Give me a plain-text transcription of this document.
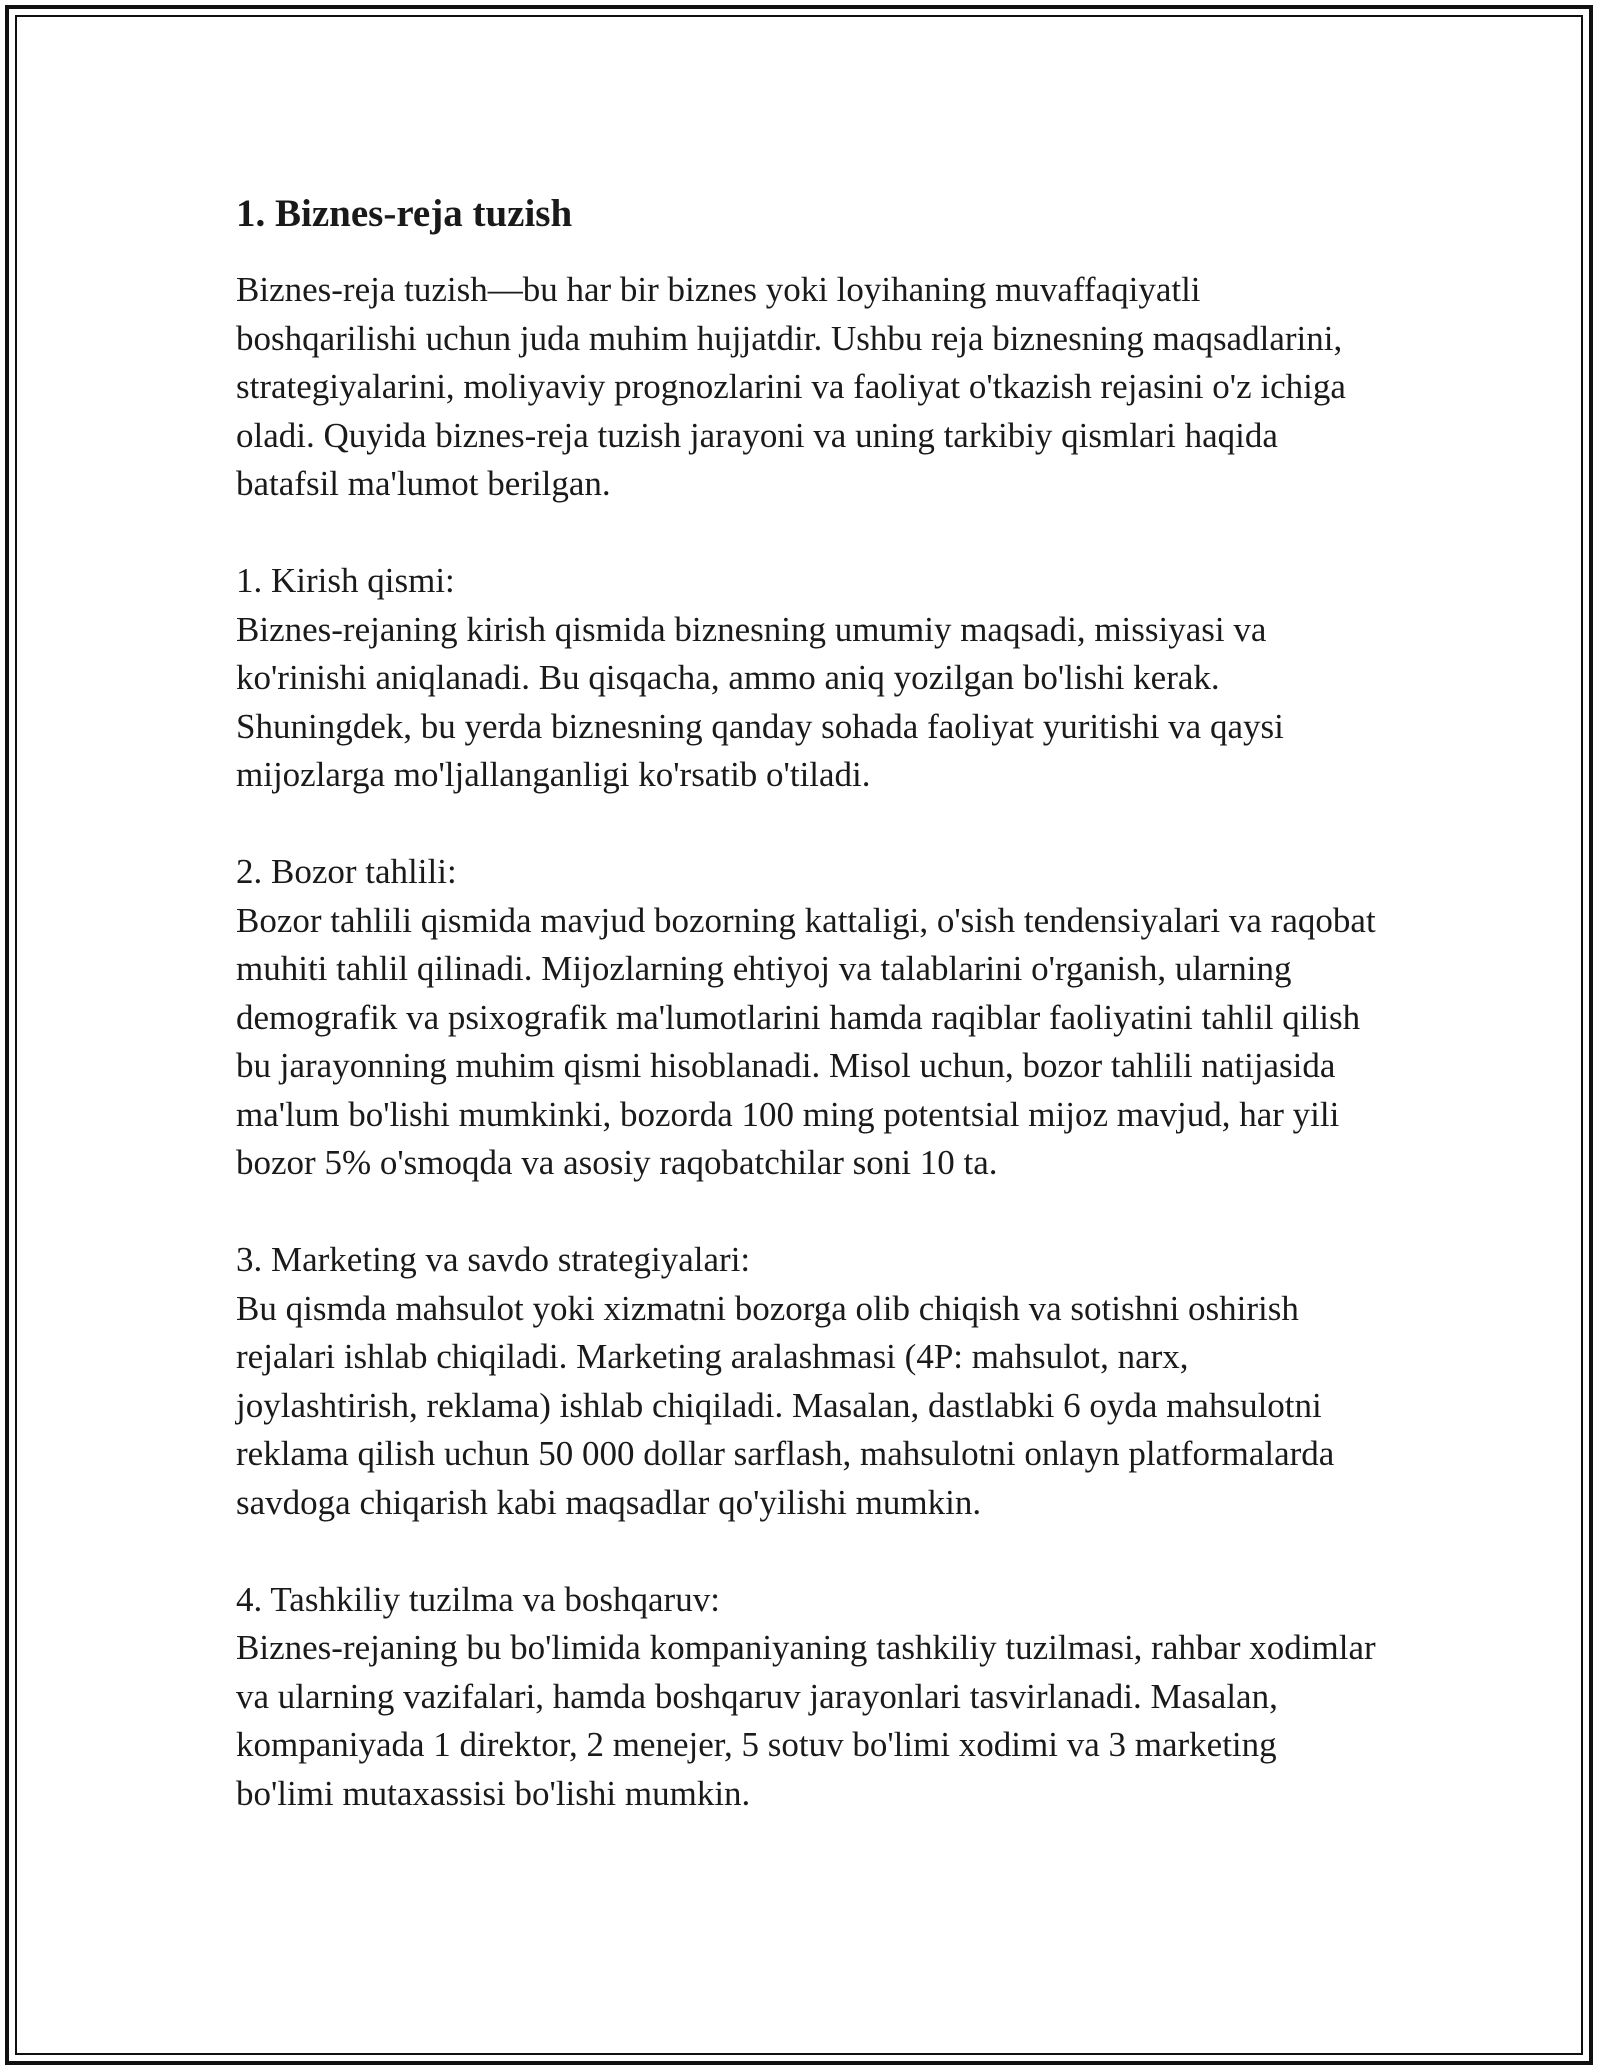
1. Biznes-reja tuzish

Biznes-reja tuzish—bu har bir biznes yoki loyihaning muvaffaqiyatli boshqarilishi uchun juda muhim hujjatdir. Ushbu reja biznesning maqsadlarini, strategiyalarini, moliyaviy prognozlarini va faoliyat o'tkazish rejasini o'z ichiga oladi. Quyida biznes-reja tuzish jarayoni va uning tarkibiy qismlari haqida batafsil ma'lumot berilgan.

1. Kirish qismi:

Biznes-rejaning kirish qismida biznesning umumiy maqsadi, missiyasi va ko'rinishi aniqlanadi. Bu qisqacha, ammo aniq yozilgan bo'lishi kerak. Shuningdek, bu yerda biznesning qanday sohada faoliyat yuritishi va qaysi mijozlarga mo'ljallanganligi ko'rsatib o'tiladi.

2. Bozor tahlili:

Bozor tahlili qismida mavjud bozorning kattaligi, o'sish tendensiyalari va raqobat muhiti tahlil qilinadi. Mijozlarning ehtiyoj va talablarini o'rganish, ularning demografik va psixografik ma'lumotlarini hamda raqiblar faoliyatini tahlil qilish bu jarayonning muhim qismi hisoblanadi. Misol uchun, bozor tahlili natijasida ma'lum bo'lishi mumkinki, bozorda 100 ming potentsial mijoz mavjud, har yili bozor 5% o'smoqda va asosiy raqobatchilar soni 10 ta.

3. Marketing va savdo strategiyalari:

Bu qismda mahsulot yoki xizmatni bozorga olib chiqish va sotishni oshirish rejalari ishlab chiqiladi. Marketing aralashmasi (4P: mahsulot, narx, joylashtirish, reklama) ishlab chiqiladi. Masalan, dastlabki 6 oyda mahsulotni reklama qilish uchun 50 000 dollar sarflash, mahsulotni onlayn platformalarda savdoga chiqarish kabi maqsadlar qo'yilishi mumkin.

4. Tashkiliy tuzilma va boshqaruv:

Biznes-rejaning bu bo'limida kompaniyaning tashkiliy tuzilmasi, rahbar xodimlar va ularning vazifalari, hamda boshqaruv jarayonlari tasvirlanadi. Masalan, kompaniyada 1 direktor, 2 menejer, 5 sotuv bo'limi xodimi va 3 marketing bo'limi mutaxassisi bo'lishi mumkin.
